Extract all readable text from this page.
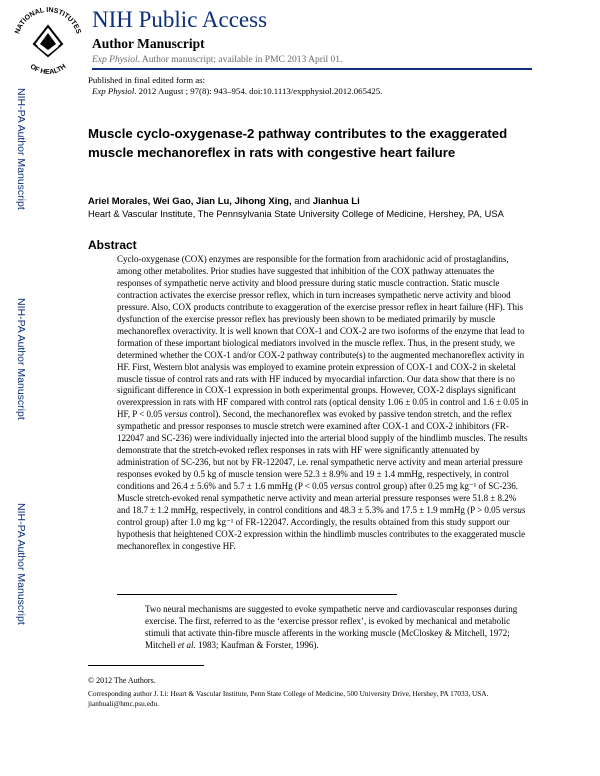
NATIONAL INSTITUTES
OF HEALTH
NIH Public Access
Author Manuscript
Exp Physiol. Author manuscript; available in PMC 2013 April 01.
Published in final edited form as:
Exp Physiol. 2012 August ; 97(8): 943–954. doi:10.1113/expphysiol.2012.065425.
NIH-PA Author Manuscript
NIH-PA Author Manuscript
NIH-PA Author Manuscript
Muscle cyclo-oxygenase-2 pathway contributes to the exaggerated muscle mechanoreflex in rats with congestive heart failure
Ariel Morales, Wei Gao, Jian Lu, Jihong Xing, and Jianhua Li
Heart & Vascular Institute, The Pennsylvania State University College of Medicine, Hershey, PA, USA
Abstract
Cyclo-oxygenase (COX) enzymes are responsible for the formation from arachidonic acid of prostaglandins, among other metabolites. Prior studies have suggested that inhibition of the COX pathway attenuates the responses of sympathetic nerve activity and blood pressure during static muscle contraction. Static muscle contraction activates the exercise pressor reflex, which in turn increases sympathetic nerve activity and blood pressure. Also, COX products contribute to exaggeration of the exercise pressor reflex in heart failure (HF). This dysfunction of the exercise pressor reflex has previously been shown to be mediated primarily by muscle mechanoreflex overactivity. It is well known that COX-1 and COX-2 are two isoforms of the enzyme that lead to formation of these important biological mediators involved in the muscle reflex. Thus, in the present study, we determined whether the COX-1 and/or COX-2 pathway contribute(s) to the augmented mechanoreflex activity in HF. First, Western blot analysis was employed to examine protein expression of COX-1 and COX-2 in skeletal muscle tissue of control rats and rats with HF induced by myocardial infarction. Our data show that there is no significant difference in COX-1 expression in both experimental groups. However, COX-2 displays significant overexpression in rats with HF compared with control rats (optical density 1.06 ± 0.05 in control and 1.6 ± 0.05 in HF, P < 0.05 versus control). Second, the mechanoreflex was evoked by passive tendon stretch, and the reflex sympathetic and pressor responses to muscle stretch were examined after COX-1 and COX-2 inhibitors (FR-122047 and SC-236) were individually injected into the arterial blood supply of the hindlimb muscles. The results demonstrate that the stretch-evoked reflex responses in rats with HF were significantly attenuated by administration of SC-236, but not by FR-122047, i.e. renal sympathetic nerve activity and mean arterial pressure responses evoked by 0.5 kg of muscle tension were 52.3 ± 8.9% and 19 ± 1.4 mmHg, respectively, in control conditions and 26.4 ± 5.6% and 5.7 ± 1.6 mmHg (P < 0.05 versus control group) after 0.25 mg kg⁻¹ of SC-236. Muscle stretch-evoked renal sympathetic nerve activity and mean arterial pressure responses were 51.8 ± 8.2% and 18.7 ± 1.2 mmHg, respectively, in control conditions and 48.3 ± 5.3% and 17.5 ± 1.9 mmHg (P > 0.05 versus control group) after 1.0 mg kg⁻¹ of FR-122047. Accordingly, the results obtained from this study support our hypothesis that heightened COX-2 expression within the hindlimb muscles contributes to the exaggerated muscle mechanoreflex in congestive HF.
Two neural mechanisms are suggested to evoke sympathetic nerve and cardiovascular responses during exercise. The first, referred to as the ‘exercise pressor reflex’, is evoked by mechanical and metabolic stimuli that activate thin-fibre muscle afferents in the working muscle (McCloskey & Mitchell, 1972; Mitchell et al. 1983; Kaufman & Forster, 1996).
© 2012 The Authors.
Corresponding author J. Li: Heart & Vascular Institute, Penn State College of Medicine, 500 University Drive, Hershey, PA 17033, USA. jianhuali@hmc.psu.edu.
